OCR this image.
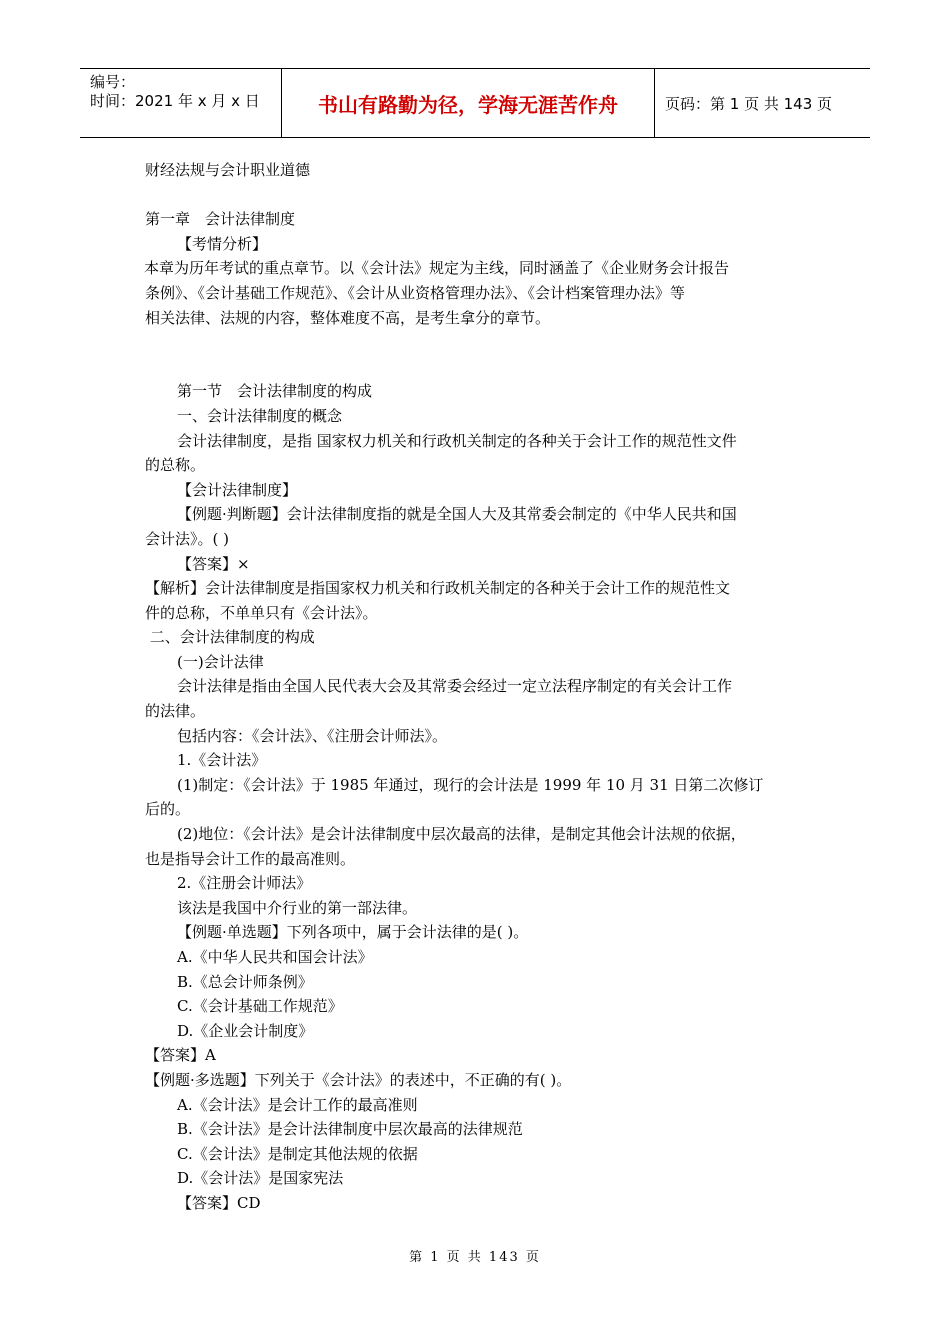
编号：
时间：2021 年 x 月 x 日	书山有路勤为径，学海无涯苦作舟	页码：第 1 页 共 143 页
财经法规与会计职业道德
第一章　会计法律制度
【考情分析】
本章为历年考试的重点章节。以《会计法》规定为主线，同时涵盖了《企业财务会计报告
条例》、《会计基础工作规范》、《会计从业资格管理办法》、《会计档案管理办法》等
相关法律、法规的内容，整体难度不高，是考生拿分的章节。
第一节　会计法律制度的构成
一、会计法律制度的概念
会计法律制度，是指 国家权力机关和行政机关制定的各种关于会计工作的规范性文件
的总称。
【会计法律制度】
【例题·判断题】会计法律制度指的就是全国人大及其常委会制定的《中华人民共和国
会计法》。( )
【答案】×
【解析】会计法律制度是指国家权力机关和行政机关制定的各种关于会计工作的规范性文
件的总称，不单单只有《会计法》。
二、会计法律制度的构成
(一)会计法律
会计法律是指由全国人民代表大会及其常委会经过一定立法程序制定的有关会计工作
的法律。
包括内容：《会计法》、《注册会计师法》。
1.《会计法》
(1)制定：《会计法》于 1985 年通过，现行的会计法是 1999 年 10 月 31 日第二次修订
后的。
(2)地位：《会计法》是会计法律制度中层次最高的法律，是制定其他会计法规的依据，
也是指导会计工作的最高准则。
2.《注册会计师法》
该法是我国中介行业的第一部法律。
【例题·单选题】下列各项中，属于会计法律的是( )。
A.《中华人民共和国会计法》
B.《总会计师条例》
C.《会计基础工作规范》
D.《企业会计制度》
【答案】A
【例题·多选题】下列关于《会计法》的表述中，不正确的有( )。
A.《会计法》是会计工作的最高准则
B.《会计法》是会计法律制度中层次最高的法律规范
C.《会计法》是制定其他法规的依据
D.《会计法》是国家宪法
【答案】CD
第 1 页 共 143 页
